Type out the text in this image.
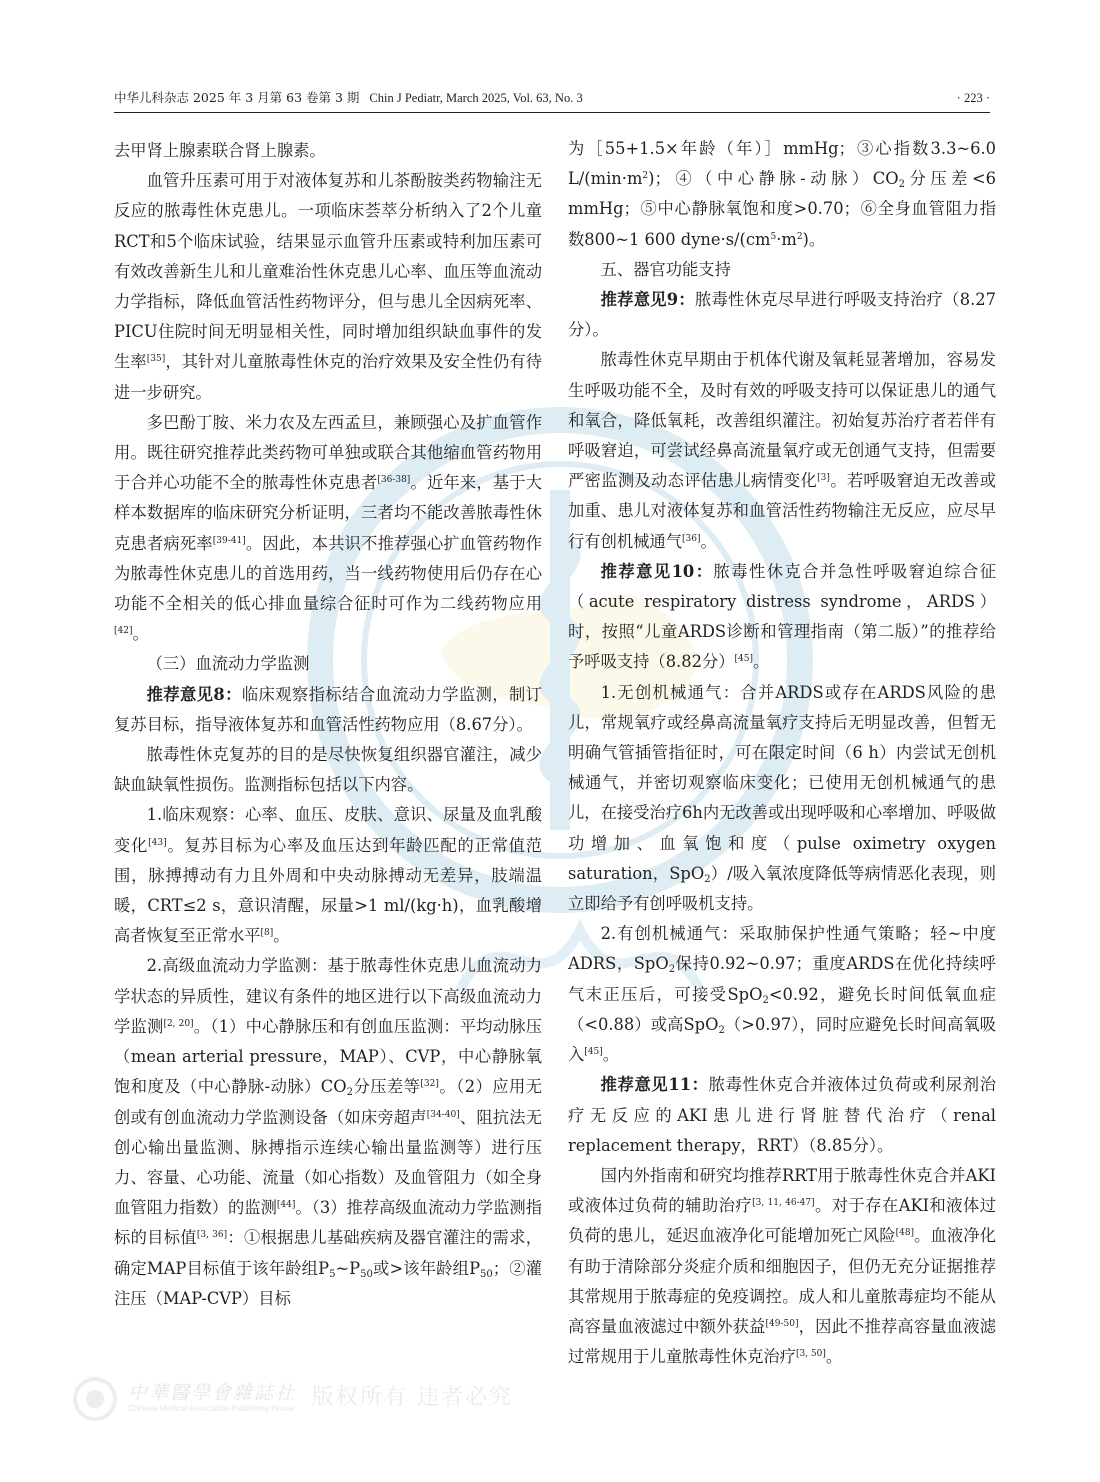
中华儿科杂志 2025 年 3 月第 63 卷第 3 期 Chin J Pediatr, March 2025, Vol. 63, No. 3	· 223 ·

去甲肾上腺素联合肾上腺素。

血管升压素可用于对液体复苏和儿茶酚胺类药物输注无反应的脓毒性休克患儿。一项临床荟萃分析纳入了2个儿童RCT和5个临床试验，结果显示血管升压素或特利加压素可有效改善新生儿和儿童难治性休克患儿心率、血压等血流动力学指标，降低血管活性药物评分，但与患儿全因病死率、PICU住院时间无明显相关性，同时增加组织缺血事件的发生率[35]，其针对儿童脓毒性休克的治疗效果及安全性仍有待进一步研究。

多巴酚丁胺、米力农及左西孟旦，兼顾强心及扩血管作用。既往研究推荐此类药物可单独或联合其他缩血管药物用于合并心功能不全的脓毒性休克患者[36-38]。近年来，基于大样本数据库的临床研究分析证明，三者均不能改善脓毒性休克患者病死率[39-41]。因此，本共识不推荐强心扩血管药物作为脓毒性休克患儿的首选用药，当一线药物使用后仍存在心功能不全相关的低心排血量综合征时可作为二线药物应用[42]。

（三）血流动力学监测

推荐意见8：临床观察指标结合血流动力学监测，制订复苏目标，指导液体复苏和血管活性药物应用（8.67分）。

脓毒性休克复苏的目的是尽快恢复组织器官灌注，减少缺血缺氧性损伤。监测指标包括以下内容。

1.临床观察：心率、血压、皮肤、意识、尿量及血乳酸变化[43]。复苏目标为心率及血压达到年龄匹配的正常值范围，脉搏搏动有力且外周和中央动脉搏动无差异，肢端温暖，CRT≤2 s，意识清醒，尿量>1 ml/(kg·h)，血乳酸增高者恢复至正常水平[8]。

2.高级血流动力学监测：基于脓毒性休克患儿血流动力学状态的异质性，建议有条件的地区进行以下高级血流动力学监测[2, 20]。（1）中心静脉压和有创血压监测：平均动脉压（mean arterial pressure，MAP）、CVP，中心静脉氧饱和度及（中心静脉-动脉）$CO_2$分压差等[32]。（2）应用无创或有创血流动力学监测设备（如床旁超声[34-40]、阻抗法无创心输出量监测、脉搏指示连续心输出量监测等）进行压力、容量、心功能、流量（如心指数）及血管阻力（如全身血管阻力指数）的监测[44]。（3）推荐高级血流动力学监测指标的目标值[3, 36]：①根据患儿基础疾病及器官灌注的需求，确定MAP目标值于该年龄组$P_5\sim P_{50}$或>该年龄组$P_{50}$；②灌注压（MAP-CVP）目标

为［55+1.5×年龄（年）］mmHg；③心指数3.3~6.0 $L/(\min\cdot m^2)$；④（中心静脉-动脉）$CO_2$分压差<6 mmHg；⑤中心静脉氧饱和度>0.70；⑥全身血管阻力指数800~1 600 $dyne\cdot s/(cm^5\cdot m^2)$。

五、器官功能支持

推荐意见9：脓毒性休克尽早进行呼吸支持治疗（8.27分）。

脓毒性休克早期由于机体代谢及氧耗显著增加，容易发生呼吸功能不全，及时有效的呼吸支持可以保证患儿的通气和氧合，降低氧耗，改善组织灌注。初始复苏治疗者若伴有呼吸窘迫，可尝试经鼻高流量氧疗或无创通气支持，但需要严密监测及动态评估患儿病情变化[3]。若呼吸窘迫无改善或加重、患儿对液体复苏和血管活性药物输注无反应，应尽早行有创机械通气[36]。

推荐意见10：脓毒性休克合并急性呼吸窘迫综合征（acute respiratory distress syndrome，ARDS）时，按照“儿童ARDS诊断和管理指南（第二版）”的推荐给予呼吸支持（8.82分）[45]。

1.无创机械通气：合并ARDS或存在ARDS风险的患儿，常规氧疗或经鼻高流量氧疗支持后无明显改善，但暂无明确气管插管指征时，可在限定时间（6 h）内尝试无创机械通气，并密切观察临床变化；已使用无创机械通气的患儿，在接受治疗6h内无改善或出现呼吸和心率增加、呼吸做功增加、血氧饱和度（pulse oximetry oxygen saturation，SpO$_2$）/吸入氧浓度降低等病情恶化表现，则立即给予有创呼吸机支持。

2.有创机械通气：采取肺保护性通气策略；轻~中度ADRS，SpO$_2$保持0.92~0.97；重度ARDS在优化持续呼气末正压后，可接受SpO$_2$<0.92，避免长时间低氧血症（<0.88）或高SpO$_2$（>0.97），同时应避免长时间高氧吸入[45]。

推荐意见11：脓毒性休克合并液体过负荷或利尿剂治疗无反应的AKI患儿进行肾脏替代治疗（renal replacement therapy，RRT）（8.85分）。

国内外指南和研究均推荐RRT用于脓毒性休克合并AKI或液体过负荷的辅助治疗[3, 11, 46-47]。对于存在AKI和液体过负荷的患儿，延迟血液净化可能增加死亡风险[48]。血液净化有助于清除部分炎症介质和细胞因子，但仍无充分证据推荐其常规用于脓毒症的免疫调控。成人和儿童脓毒症均不能从高容量血液滤过中额外获益[49-50]，因此不推荐高容量血液滤过常规用于儿童脓毒性休克治疗[3, 50]。

中華醫學會雜誌社
Chinese Medical Association Publishing House 版权所有 违者必究
